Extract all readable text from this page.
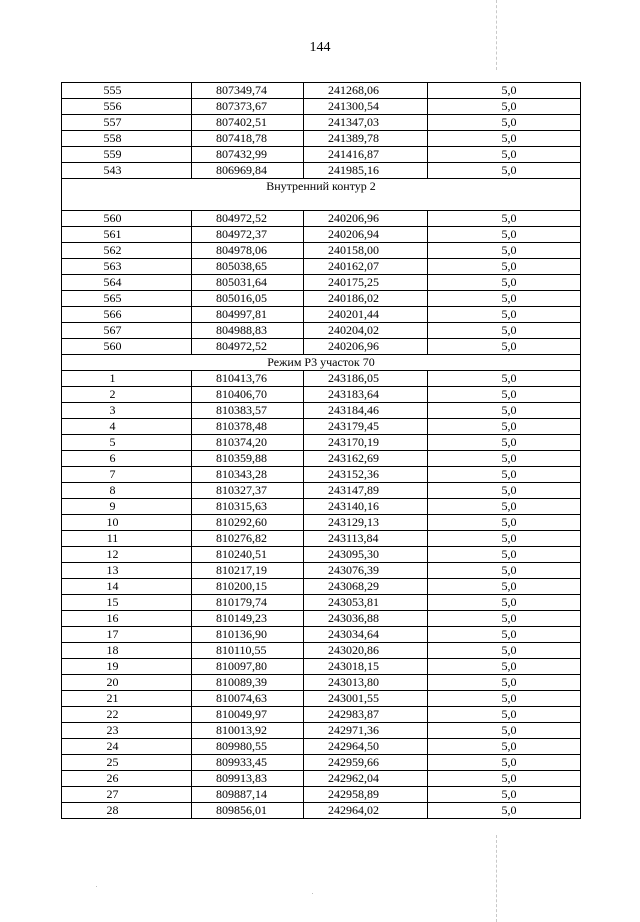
144
555	807349,74	241268,06	5,0
556	807373,67	241300,54	5,0
557	807402,51	241347,03	5,0
558	807418,78	241389,78	5,0
559	807432,99	241416,87	5,0
543	806969,84	241985,16	5,0
Внутренний контур 2			
560	804972,52	240206,96	5,0
561	804972,37	240206,94	5,0
562	804978,06	240158,00	5,0
563	805038,65	240162,07	5,0
564	805031,64	240175,25	5,0
565	805016,05	240186,02	5,0
566	804997,81	240201,44	5,0
567	804988,83	240204,02	5,0
560	804972,52	240206,96	5,0
Режим Р3 участок 70			
1	810413,76	243186,05	5,0
2	810406,70	243183,64	5,0
3	810383,57	243184,46	5,0
4	810378,48	243179,45	5,0
5	810374,20	243170,19	5,0
6	810359,88	243162,69	5,0
7	810343,28	243152,36	5,0
8	810327,37	243147,89	5,0
9	810315,63	243140,16	5,0
10	810292,60	243129,13	5,0
11	810276,82	243113,84	5,0
12	810240,51	243095,30	5,0
13	810217,19	243076,39	5,0
14	810200,15	243068,29	5,0
15	810179,74	243053,81	5,0
16	810149,23	243036,88	5,0
17	810136,90	243034,64	5,0
18	810110,55	243020,86	5,0
19	810097,80	243018,15	5,0
20	810089,39	243013,80	5,0
21	810074,63	243001,55	5,0
22	810049,97	242983,87	5,0
23	810013,92	242971,36	5,0
24	809980,55	242964,50	5,0
25	809933,45	242959,66	5,0
26	809913,83	242962,04	5,0
27	809887,14	242958,89	5,0
28	809856,01	242964,02	5,0
